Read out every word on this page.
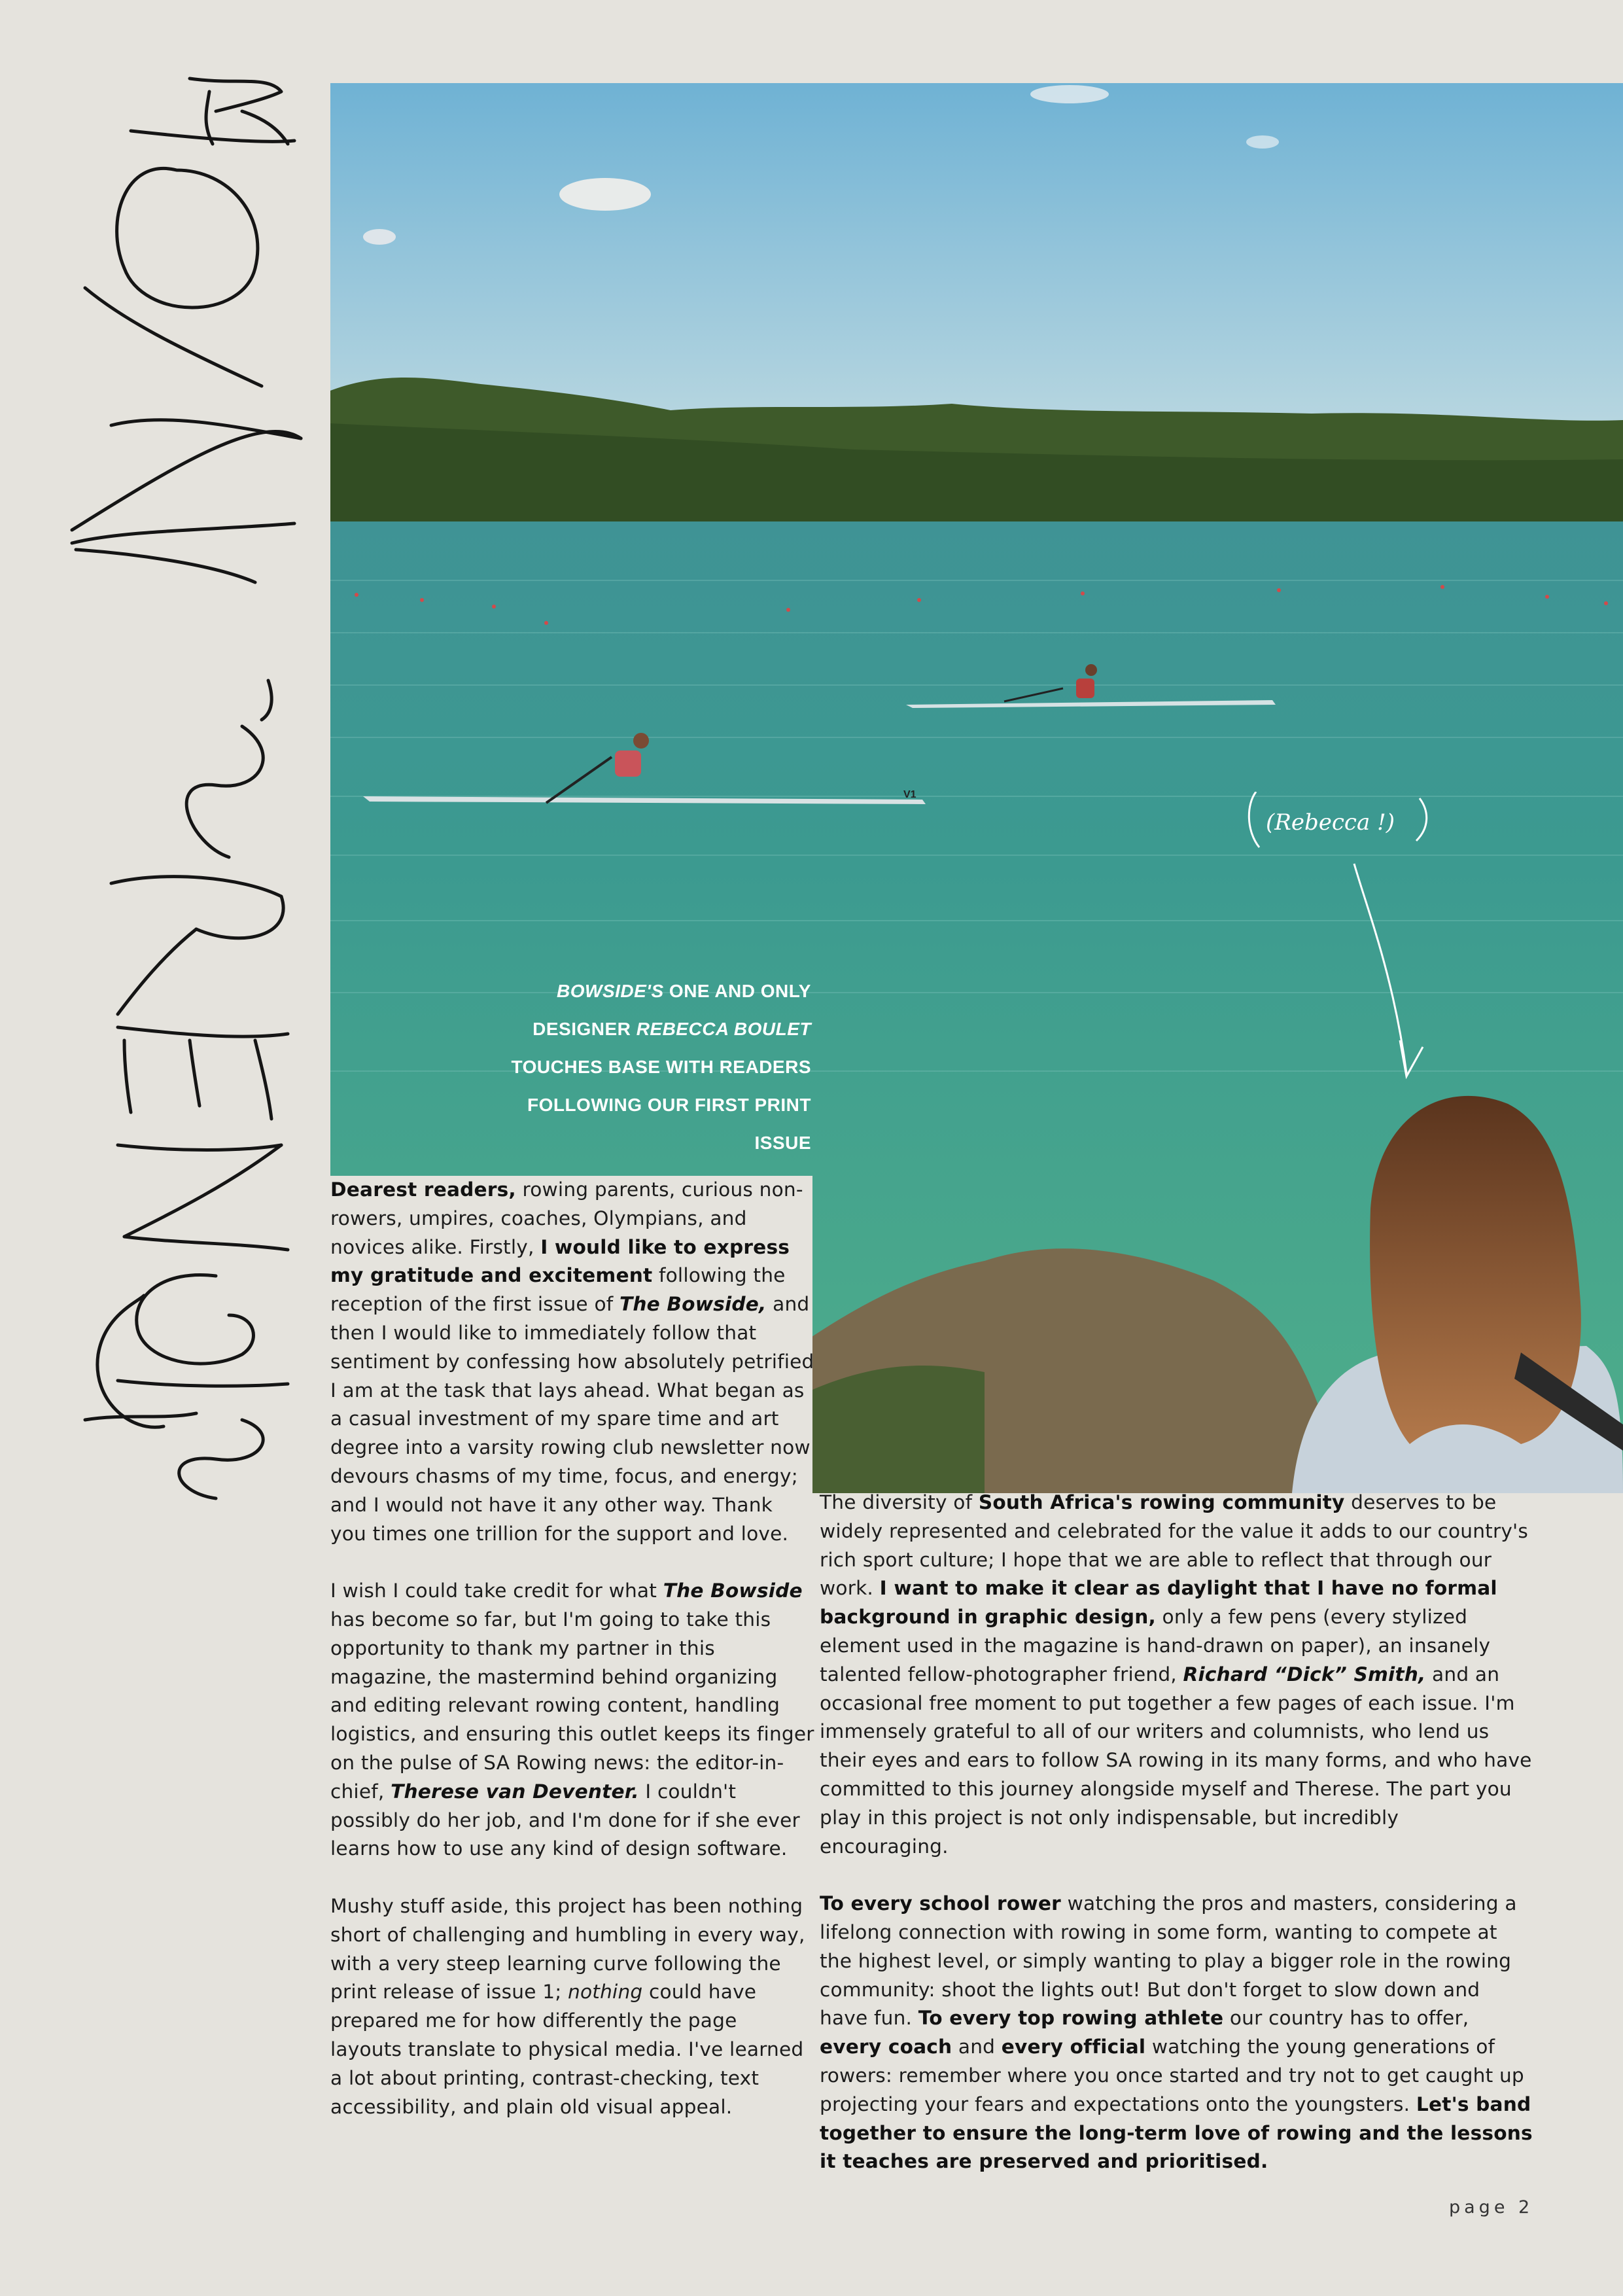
V1
(Rebecca !)
BOWSIDE'S ONE AND ONLY
DESIGNER REBECCA BOULET
TOUCHES BASE WITH READERS
FOLLOWING OUR FIRST PRINT
ISSUE

Dearest readers, rowing parents, curious non-rowers, umpires, coaches, Olympians, and novices alike. Firstly, I would like to express my gratitude and excitement following the reception of the first issue of The Bowside, and then I would like to immediately follow that sentiment by confessing how absolutely petrified I am at the task that lays ahead. What began as a casual investment of my spare time and art degree into a varsity rowing club newsletter now devours chasms of my time, focus, and energy; and I would not have it any other way. Thank you times one trillion for the support and love.

I wish I could take credit for what The Bowside has become so far, but I'm going to take this opportunity to thank my partner in this magazine, the mastermind behind organizing and editing relevant rowing content, handling logistics, and ensuring this outlet keeps its finger on the pulse of SA Rowing news: the editor-in-chief, Therese van Deventer. I couldn't possibly do her job, and I'm done for if she ever learns how to use any kind of design software.

Mushy stuff aside, this project has been nothing short of challenging and humbling in every way, with a very steep learning curve following the print release of issue 1; nothing could have prepared me for how differently the page layouts translate to physical media. I've learned a lot about printing, contrast-checking, text accessibility, and plain old visual appeal.

The diversity of South Africa's rowing community deserves to be widely represented and celebrated for the value it adds to our country's rich sport culture; I hope that we are able to reflect that through our work. I want to make it clear as daylight that I have no formal background in graphic design, only a few pens (every stylized element used in the magazine is hand-drawn on paper), an insanely talented fellow-photographer friend, Richard “Dick” Smith, and an occasional free moment to put together a few pages of each issue. I'm immensely grateful to all of our writers and columnists, who lend us their eyes and ears to follow SA rowing in its many forms, and who have committed to this journey alongside myself and Therese. The part you play in this project is not only indispensable, but incredibly encouraging.

To every school rower watching the pros and masters, considering a lifelong connection with rowing in some form, wanting to compete at the highest level, or simply wanting to play a bigger role in the rowing community: shoot the lights out! But don't forget to slow down and have fun. To every top rowing athlete our country has to offer, every coach and every official watching the young generations of rowers: remember where you once started and try not to get caught up projecting your fears and expectations onto the youngsters. Let's band together to ensure the long-term love of rowing and the lessons it teaches are preserved and prioritised.

page 2
